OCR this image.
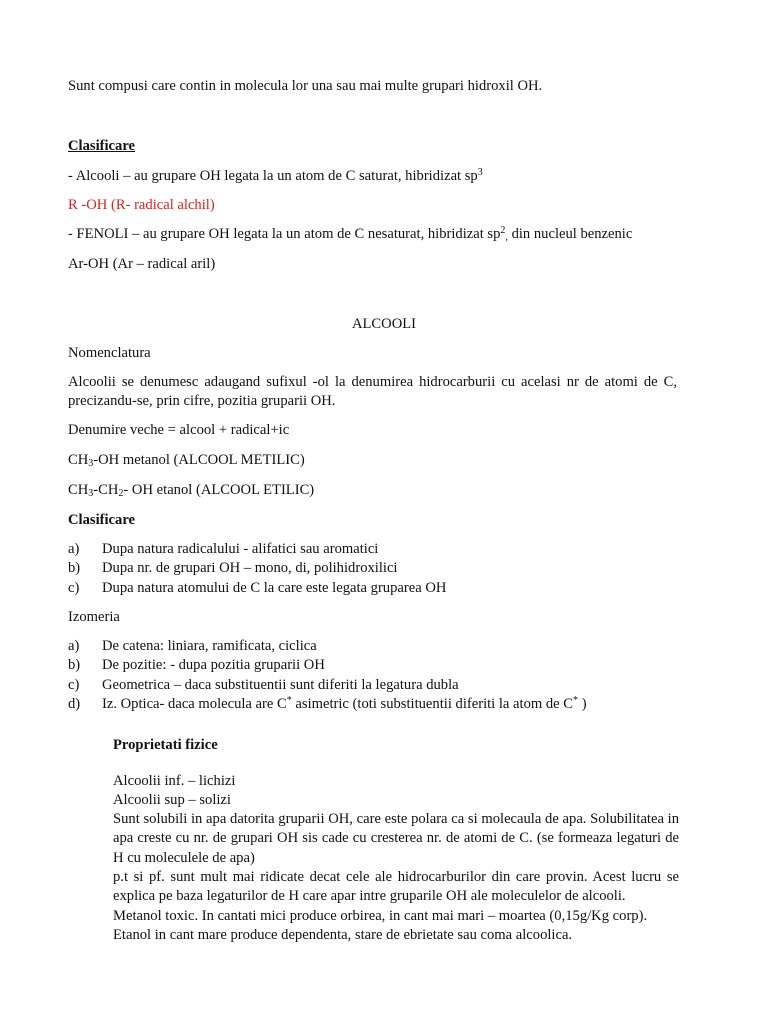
Sunt compusi care contin in molecula lor una sau mai multe grupari hidroxil OH.
Clasificare
- Alcooli – au grupare OH legata la un atom de C saturat, hibridizat $sp^3$
R -OH (R- radical alchil)
- FENOLI – au grupare OH legata la un atom de C nesaturat, hibridizat $sp^2_,$ din nucleul benzenic
Ar-OH (Ar – radical aril)
ALCOOLI
Nomenclatura
Alcoolii se denumesc adaugand sufixul -ol la denumirea hidrocarburii cu acelasi nr de atomi de C, precizandu-se, prin cifre, pozitia gruparii OH.
Denumire veche = alcool + radical+ic
$CH_3-OH$ metanol (ALCOOL METILIC)
$CH_3-CH_2-$ OH etanol (ALCOOL ETILIC)
Clasificare
a) Dupa natura radicalului - alifatici sau aromatici
b) Dupa nr. de grupari OH – mono, di, polihidroxilici
c) Dupa natura atomului de C la care este legata gruparea OH
Izomeria
a) De catena: liniara, ramificata, ciclica
b) De pozitie: - dupa pozitia gruparii OH
c) Geometrica – daca substituentii sunt diferiti la legatura dubla
d) Iz. Optica- daca molecula are C* asimetric (toti substituentii diferiti la atom de C* )
Proprietati fizice
Alcoolii inf. – lichizi
Alcoolii sup – solizi
Sunt solubili in apa datorita gruparii OH, care este polara ca si molecaula de apa. Solubilitatea in apa creste cu nr. de grupari OH sis cade cu cresterea nr. de atomi de C. (se formeaza legaturi de H cu moleculele de apa)
p.t si pf. sunt mult mai ridicate decat cele ale hidrocarburilor din care provin. Acest lucru se explica pe baza legaturilor de H care apar intre gruparile OH ale moleculelor de alcooli.
Metanol toxic. In cantati mici produce orbirea, in cant mai mari – moartea (0,15g/Kg corp).
Etanol in cant mare produce dependenta, stare de ebrietate sau coma alcoolica.
